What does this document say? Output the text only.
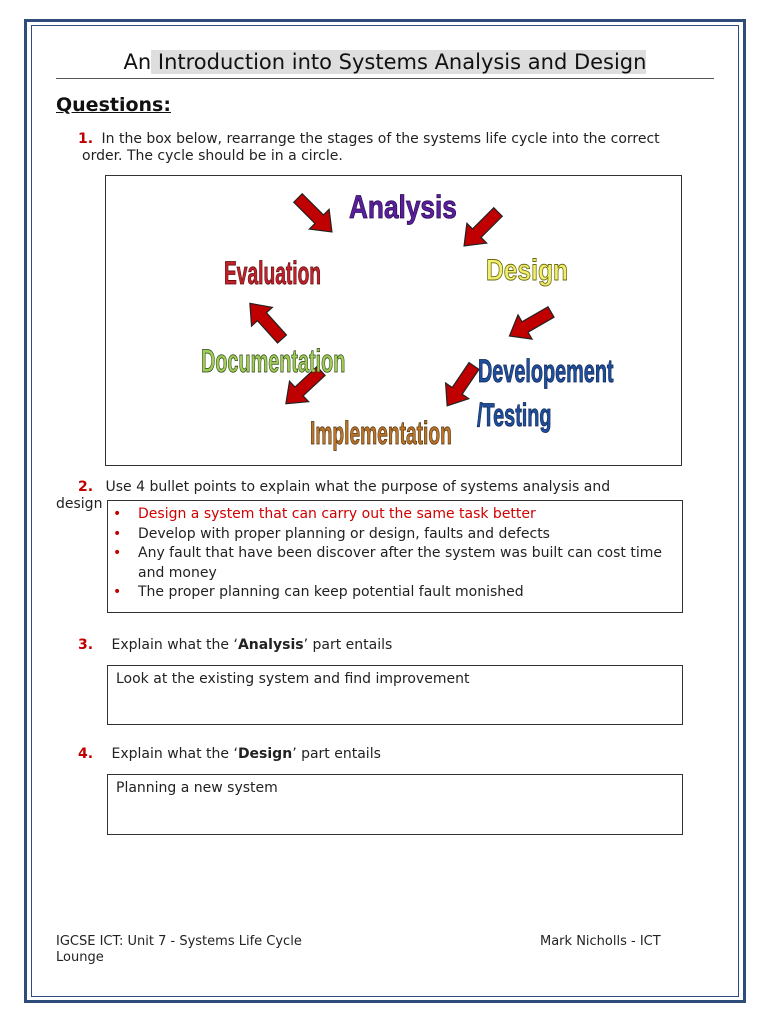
An Introduction into Systems Analysis and Design
Questions:
1. In the box below, rearrange the stages of the systems life cycle into the correct order. The cycle should be in a circle.
Analysis
Design
Developement
/Testing
Implementation
Documentation
Evaluation
2. Use 4 bullet points to explain what the purpose of systems analysis and
design
• Design a system that can carry out the same task better
• Develop with proper planning or design, faults and defects
• Any fault that have been discover after the system was built can cost time and money
• The proper planning can keep potential fault monished
3. Explain what the ‘Analysis’ part entails
Look at the existing system and find improvement
4. Explain what the ‘Design’ part entails
Planning a new system
IGCSE ICT: Unit 7 - Systems Life Cycle Lounge
Mark Nicholls - ICT
